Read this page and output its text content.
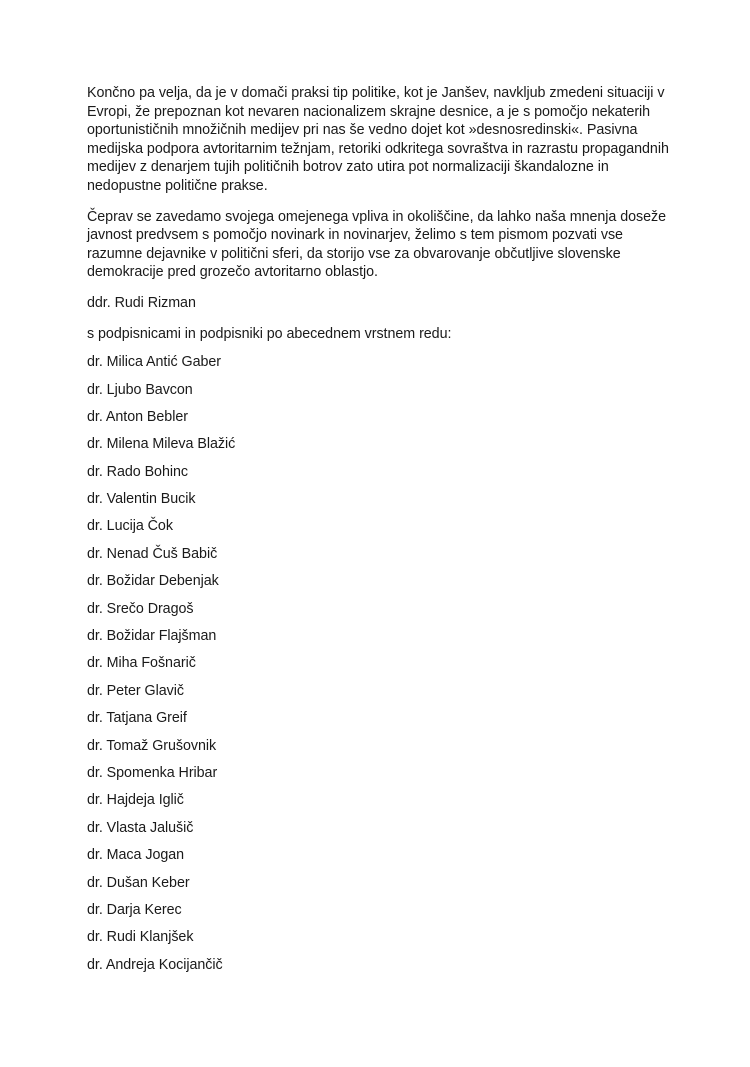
Končno pa velja, da je v domači praksi tip politike, kot je Janšev, navkljub zmedeni situaciji v Evropi, že prepoznan kot nevaren nacionalizem skrajne desnice, a je s pomočjo nekaterih oportunističnih množičnih medijev pri nas še vedno dojet kot »desnosredinski«. Pasivna medijska podpora avtoritarnim težnjam, retoriki odkritega sovraštva in razrastu propagandnih medijev z denarjem tujih političnih botrov zato utira pot normalizaciji škandalozne in nedopustne politične prakse.

Čeprav se zavedamo svojega omejenega vpliva in okoliščine, da lahko naša mnenja doseže javnost predvsem s pomočjo novinark in novinarjev, želimo s tem pismom pozvati vse razumne dejavnike v politični sferi, da storijo vse za obvarovanje občutljive slovenske demokracije pred grozečo avtoritarno oblastjo.

ddr. Rudi Rizman

s podpisnicami in podpisniki po abecednem vrstnem redu:

dr. Milica Antić Gaber
dr. Ljubo Bavcon
dr. Anton Bebler
dr. Milena Mileva Blažić
dr. Rado Bohinc
dr. Valentin Bucik
dr. Lucija Čok
dr. Nenad Čuš Babič
dr. Božidar Debenjak
dr. Srečo Dragoš
dr. Božidar Flajšman
dr. Miha Fošnarič
dr. Peter Glavič
dr. Tatjana Greif
dr. Tomaž Grušovnik
dr. Spomenka Hribar
dr. Hajdeja Iglič
dr. Vlasta Jalušič
dr. Maca Jogan
dr. Dušan Keber
dr. Darja Kerec
dr. Rudi Klanjšek
dr. Andreja Kocijančič
